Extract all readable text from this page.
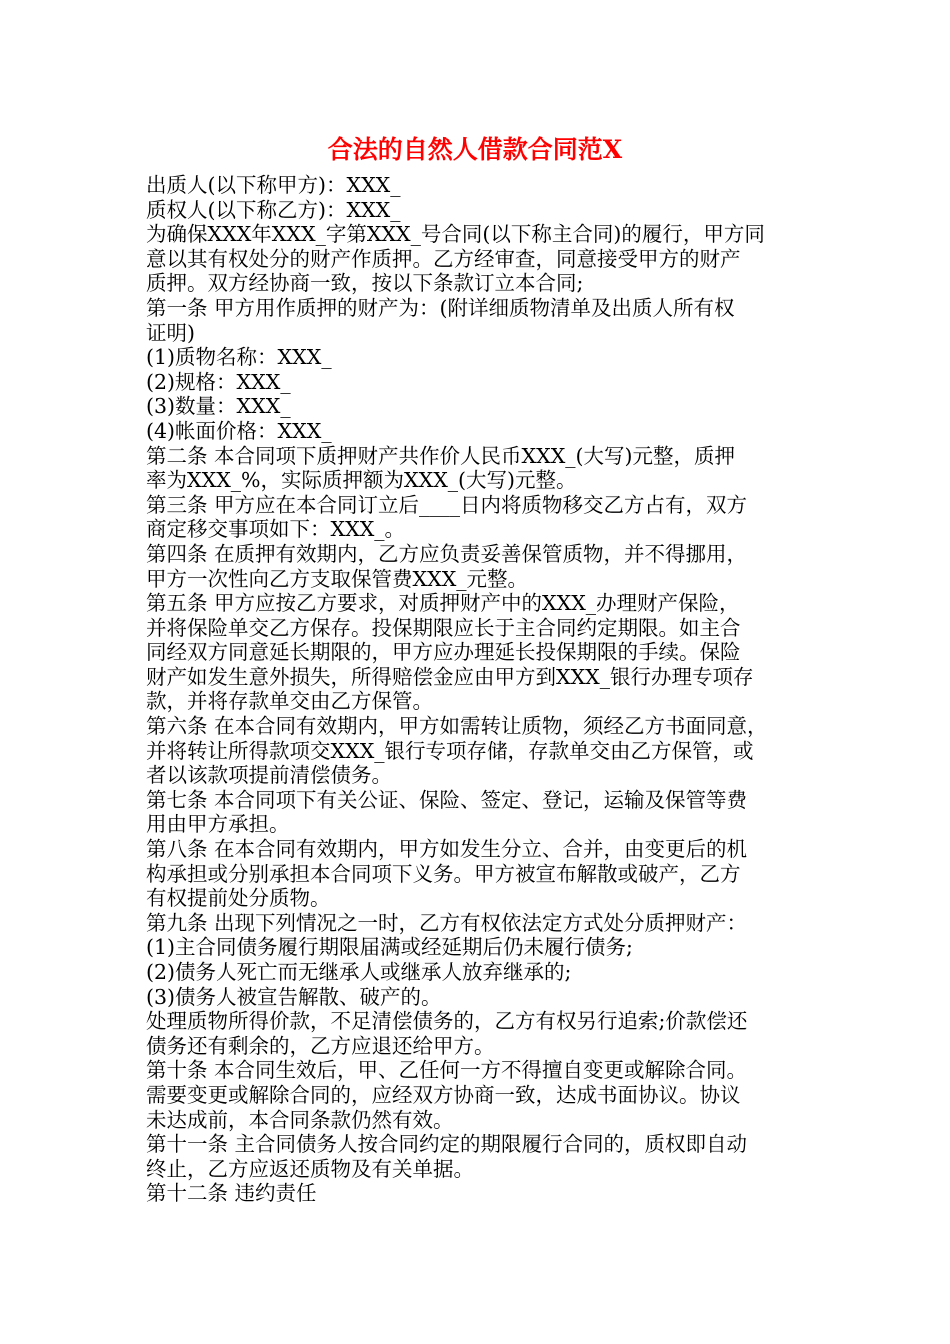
合法的自然人借款合同范X
出质人(以下称甲方)：XXX_
质权人(以下称乙方)：XXX_
为确保XXX年XXX_字第XXX_号合同(以下称主合同)的履行，甲方同
意以其有权处分的财产作质押。乙方经审查，同意接受甲方的财产
质押。双方经协商一致，按以下条款订立本合同;
第一条 甲方用作质押的财产为：(附详细质物清单及出质人所有权
证明)
(1)质物名称：XXX_
(2)规格：XXX_
(3)数量：XXX_
(4)帐面价格：XXX_
第二条 本合同项下质押财产共作价人民币XXX_(大写)元整，质押
率为XXX_%，实际质押额为XXX_(大写)元整。
第三条 甲方应在本合同订立后____日内将质物移交乙方占有，双方
商定移交事项如下：XXX_。
第四条 在质押有效期内，乙方应负责妥善保管质物，并不得挪用，
甲方一次性向乙方支取保管费XXX_元整。
第五条 甲方应按乙方要求，对质押财产中的XXX_办理财产保险，
并将保险单交乙方保存。投保期限应长于主合同约定期限。如主合
同经双方同意延长期限的，甲方应办理延长投保期限的手续。保险
财产如发生意外损失，所得赔偿金应由甲方到XXX_银行办理专项存
款，并将存款单交由乙方保管。
第六条 在本合同有效期内，甲方如需转让质物，须经乙方书面同意，
并将转让所得款项交XXX_银行专项存储，存款单交由乙方保管，或
者以该款项提前清偿债务。
第七条 本合同项下有关公证、保险、签定、登记，运输及保管等费
用由甲方承担。
第八条 在本合同有效期内，甲方如发生分立、合并，由变更后的机
构承担或分别承担本合同项下义务。甲方被宣布解散或破产，乙方
有权提前处分质物。
第九条 出现下列情况之一时，乙方有权依法定方式处分质押财产：
(1)主合同债务履行期限届满或经延期后仍未履行债务;
(2)债务人死亡而无继承人或继承人放弃继承的;
(3)债务人被宣告解散、破产的。
处理质物所得价款，不足清偿债务的，乙方有权另行追索;价款偿还
债务还有剩余的，乙方应退还给甲方。
第十条 本合同生效后，甲、乙任何一方不得擅自变更或解除合同。
需要变更或解除合同的，应经双方协商一致，达成书面协议。协议
未达成前，本合同条款仍然有效。
第十一条 主合同债务人按合同约定的期限履行合同的，质权即自动
终止，乙方应返还质物及有关单据。
第十二条 违约责任
